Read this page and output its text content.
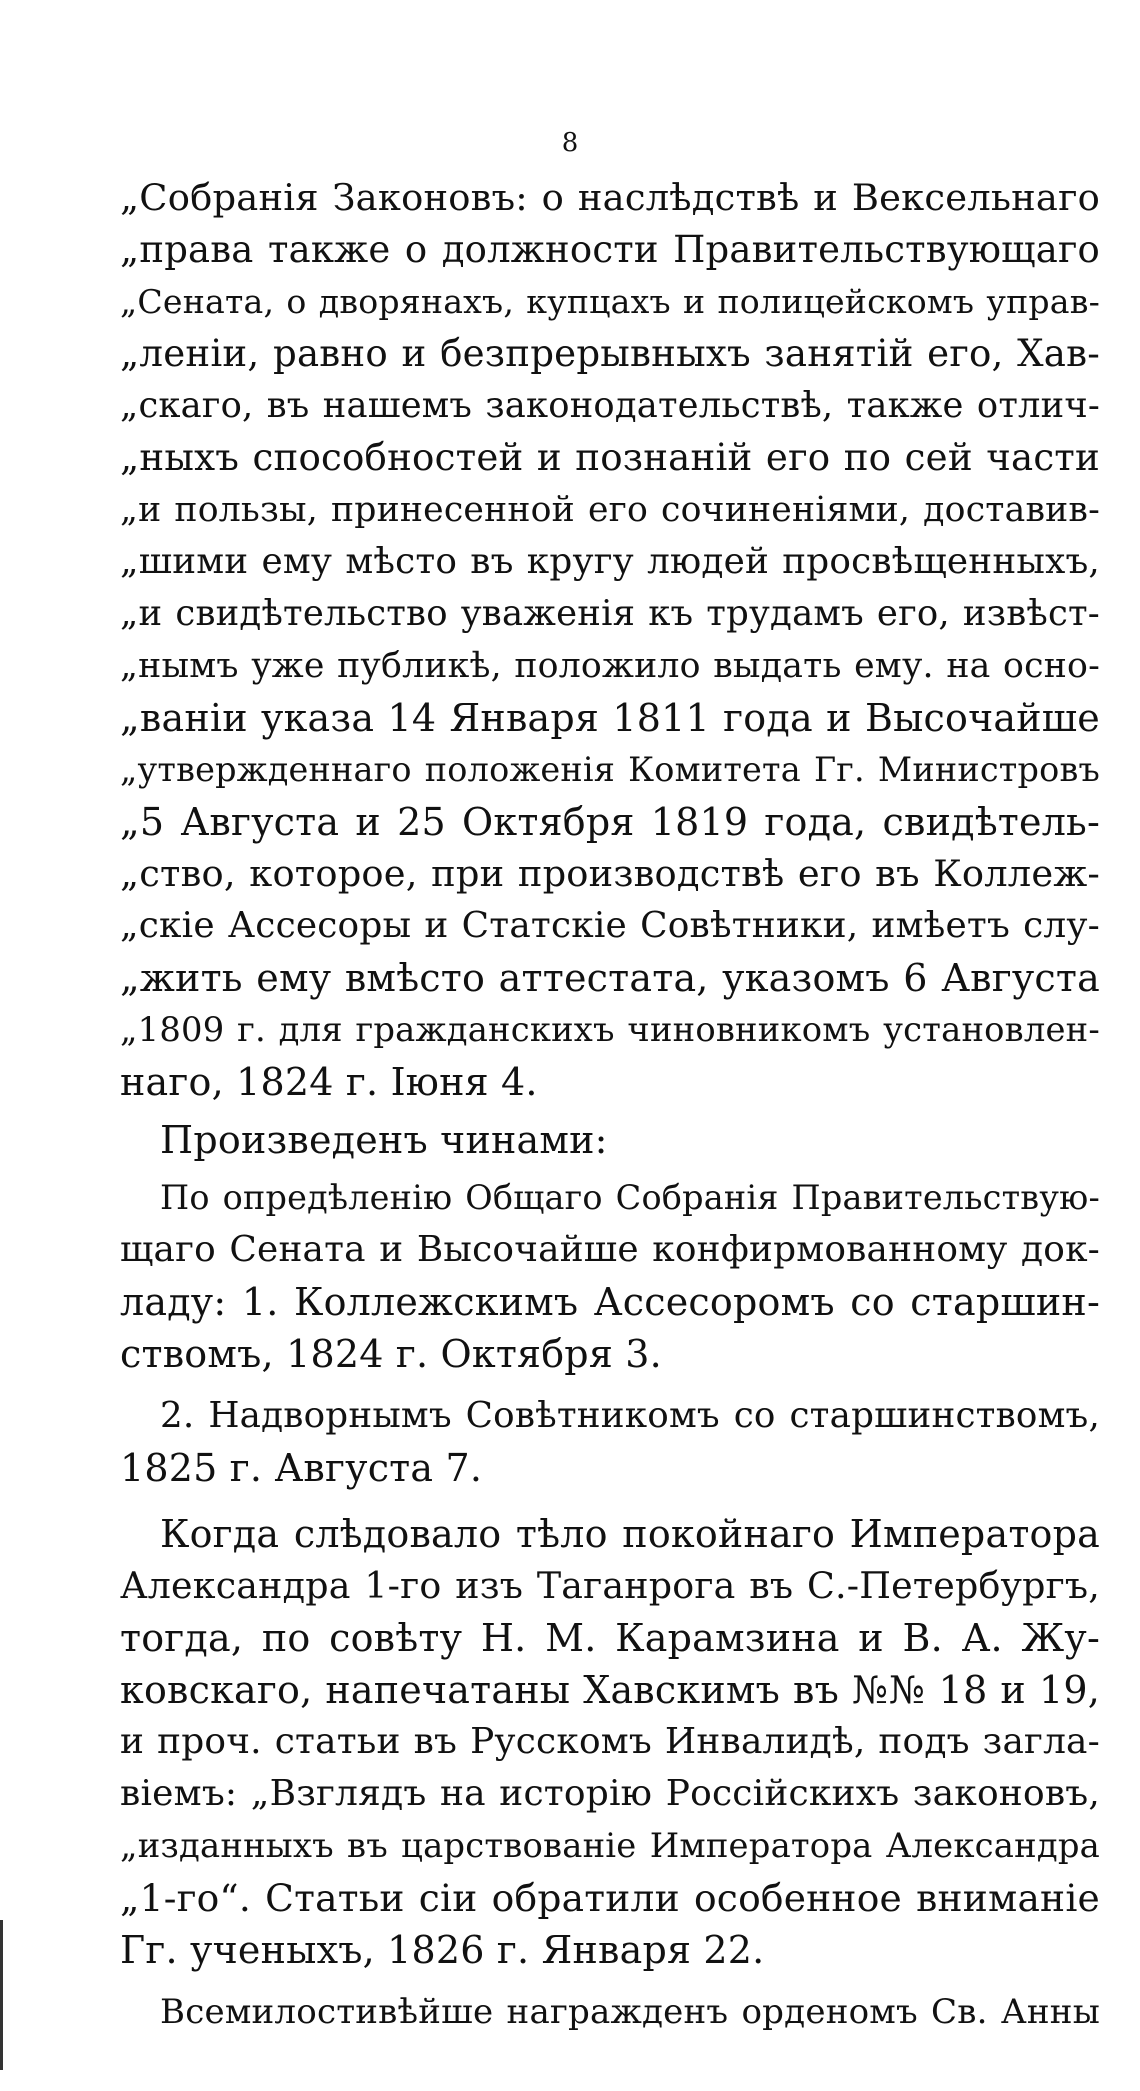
8
„Собранія Законовъ: о наслѣдствѣ и Вексельнаго
„права также о должности Правительствующаго
„Сената, о дворянахъ, купцахъ и полицейскомъ управ-
„леніи, равно и безпрерывныхъ занятій его, Хав-
„скаго, въ нашемъ законодательствѣ, также отлич-
„ныхъ способностей и познаній его по сей части
„и пользы, принесенной его сочиненіями, доставив-
„шими ему мѣсто въ кругу людей просвѣщенныхъ,
„и свидѣтельство уваженія къ трудамъ его, извѣст-
„нымъ уже публикѣ, положило выдать ему. на осно-
„ваніи указа 14 Января 1811 года и Высочайше
„утвержденнаго положенія Комитета Гг. Министровъ
„5 Августа и 25 Октября 1819 года, свидѣтель-
„ство, которое, при производствѣ его въ Коллеж-
„скіе Ассесоры и Статскіе Совѣтники, имѣетъ слу-
„жить ему вмѣсто аттестата, указомъ 6 Августа
„1809 г. для гражданскихъ чиновникомъ установлен-
наго, 1824 г. Іюня 4.
Произведенъ чинами:
По опредѣленію Общаго Собранія Правительствую-
щаго Сената и Высочайше конфирмованному док-
ладу: 1. Коллежскимъ Ассесоромъ со старшин-
ствомъ, 1824 г. Октября 3.
2. Надворнымъ Совѣтникомъ со старшинствомъ,
1825 г. Августа 7.
Когда слѣдовало тѣло покойнаго Императора
Александра 1-го изъ Таганрога въ С.-Петербургъ,
тогда, по совѣту Н. М. Карамзина и В. А. Жу-
ковскаго, напечатаны Хавскимъ въ №№ 18 и 19,
и проч. статьи въ Русскомъ Инвалидѣ, подъ загла-
віемъ: „Взглядъ на исторію Россійскихъ законовъ,
„изданныхъ въ царствованіе Императора Александра
„1-го“. Статьи сіи обратили особенное вниманіе
Гг. ученыхъ, 1826 г. Января 22.
Всемилостивѣйше награжденъ орденомъ Св. Анны
